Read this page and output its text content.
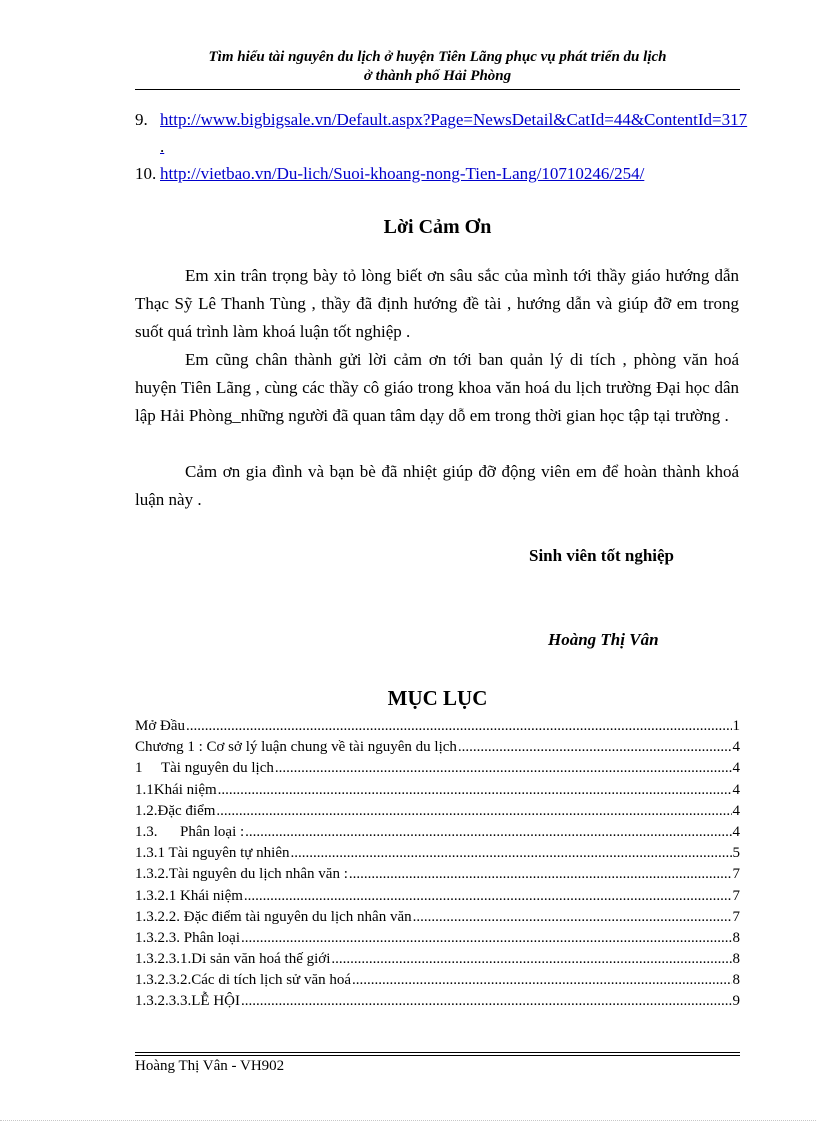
Tìm hiểu tài nguyên du lịch ở huyện Tiên Lãng phục vụ phát triển du lịch
ở thành phố Hải Phòng
9. http://www.bigbigsale.vn/Default.aspx?Page=NewsDetail&CatId=44&ContentId=317 .
10. http://vietbao.vn/Du-lich/Suoi-khoang-nong-Tien-Lang/10710246/254/
Lời Cảm Ơn

Em xin trân trọng bày tỏ lòng biết ơn sâu sắc của mình tới thầy giáo hướng dẫn Thạc Sỹ Lê Thanh Tùng , thầy đã định hướng đề tài , hướng dẫn và giúp đỡ em trong suốt quá trình làm khoá luận tốt nghiệp .

Em cũng chân thành gửi lời cảm ơn tới ban quản lý di tích , phòng văn hoá huyện Tiên Lãng , cùng các thầy cô giáo trong khoa văn hoá du lịch trường Đại học dân lập Hải Phòng_những người đã quan tâm dạy dỗ em trong thời gian học tập tại trường .

Cảm ơn gia đình và bạn bè đã nhiệt giúp đỡ động viên em để hoàn thành khoá luận này .

Sinh viên tốt nghiệp
Hoàng Thị Vân
MỤC LỤC
Mở Đầu .....	1
Chương 1 : Cơ sở lý luận chung về tài nguyên du lịch .....	4
1     Tài nguyên du lịch .....	4
1.1Khái niệm .....	4
1.2.Đặc điểm .....	4
1.3.      Phân loại : .....	4
1.3.1 Tài nguyên tự nhiên .....	5
1.3.2.Tài nguyên du lịch nhân văn : .....	7
1.3.2.1 Khái niệm .....	7
1.3.2.2. Đặc điểm tài nguyên du lịch nhân văn .....	7
1.3.2.3. Phân loại .....	8
1.3.2.3.1.Di sản văn hoá thế giới .....	8
1.3.2.3.2.Các di tích lịch sử văn hoá .....	8
1.3.2.3.3.LỄ HỘI .....	9
Hoàng Thị Vân - VH902
